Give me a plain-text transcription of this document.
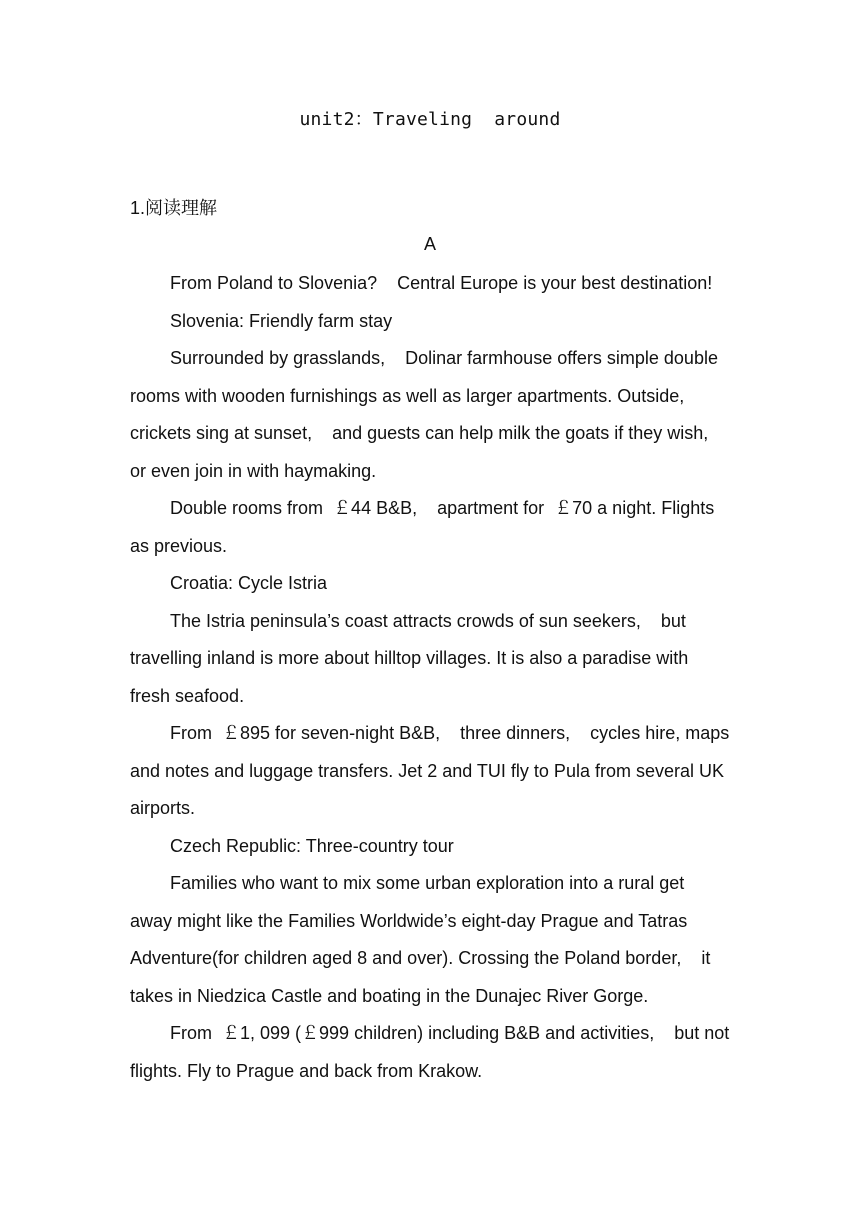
unit2：Traveling  around
1.阅读理解
A

From Poland to Slovenia?    Central Europe is your best destination!

Slovenia: Friendly farm stay

Surrounded by grasslands,    Dolinar farmhouse offers simple double rooms with wooden furnishings as well as larger apartments. Outside,    crickets sing at sunset,    and guests can help milk the goats if they wish,    or even join in with haymaking.

Double rooms from  ￡44 B&B,    apartment for  ￡70 a night. Flights as previous.

Croatia: Cycle Istria

The Istria peninsula’s coast attracts crowds of sun seekers,    but travelling inland is more about hilltop villages. It is also a paradise with fresh seafood.

From  ￡895 for seven-night B&B,    three dinners,    cycles hire, maps and notes and luggage transfers. Jet 2 and TUI fly to Pula from several UK airports.

Czech Republic: Three-country tour

Families who want to mix some urban exploration into a rural get away might like the Families Worldwide’s eight-day Prague and Tatras Adventure(for children aged 8 and over). Crossing the Poland border,    it takes in Niedzica Castle and boating in the Dunajec River Gorge.

From  ￡1, 099 (￡999 children) including B&B and activities,    but not flights. Fly to Prague and back from Krakow.
